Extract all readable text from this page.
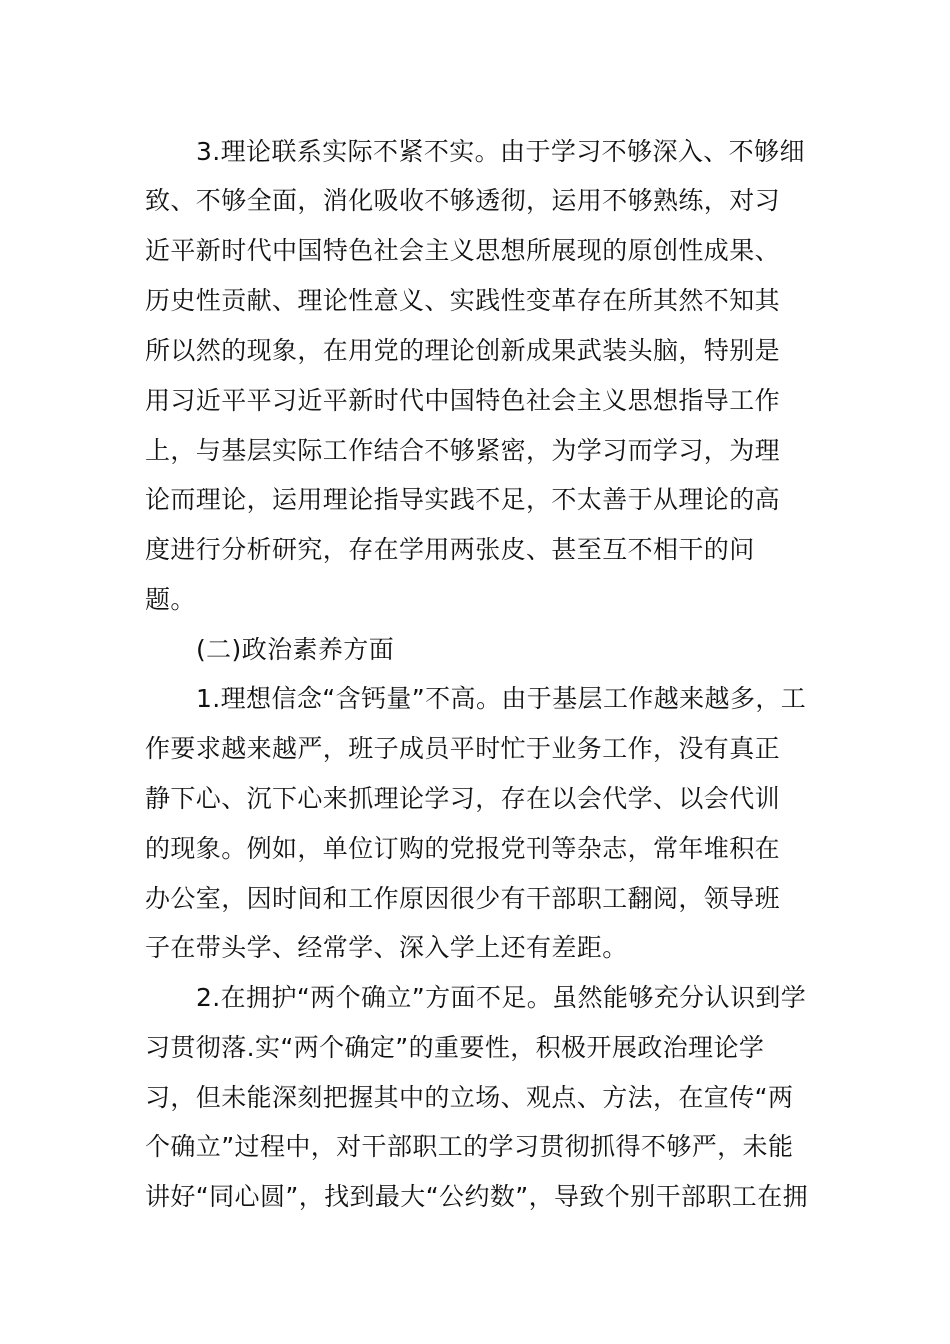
3.理论联系实际不紧不实。由于学习不够深入、不够细
致、不够全面，消化吸收不够透彻，运用不够熟练，对习
近平新时代中国特色社会主义思想所展现的原创性成果、
历史性贡献、理论性意义、实践性变革存在所其然不知其
所以然的现象，在用党的理论创新成果武装头脑，特别是
用习近平平习近平新时代中国特色社会主义思想指导工作
上，与基层实际工作结合不够紧密，为学习而学习，为理
论而理论，运用理论指导实践不足，不太善于从理论的高
度进行分析研究，存在学用两张皮、甚至互不相干的问
题。
(二)政治素养方面
1.理想信念“含钙量”不高。由于基层工作越来越多，工
作要求越来越严，班子成员平时忙于业务工作，没有真正
静下心、沉下心来抓理论学习，存在以会代学、以会代训
的现象。例如，单位订购的党报党刊等杂志，常年堆积在
办公室，因时间和工作原因很少有干部职工翻阅，领导班
子在带头学、经常学、深入学上还有差距。
2.在拥护“两个确立”方面不足。虽然能够充分认识到学
习贯彻落.实“两个确定”的重要性，积极开展政治理论学
习，但未能深刻把握其中的立场、观点、方法，在宣传“两
个确立”过程中，对干部职工的学习贯彻抓得不够严，未能
讲好“同心圆”，找到最大“公约数”，导致个别干部职工在拥
